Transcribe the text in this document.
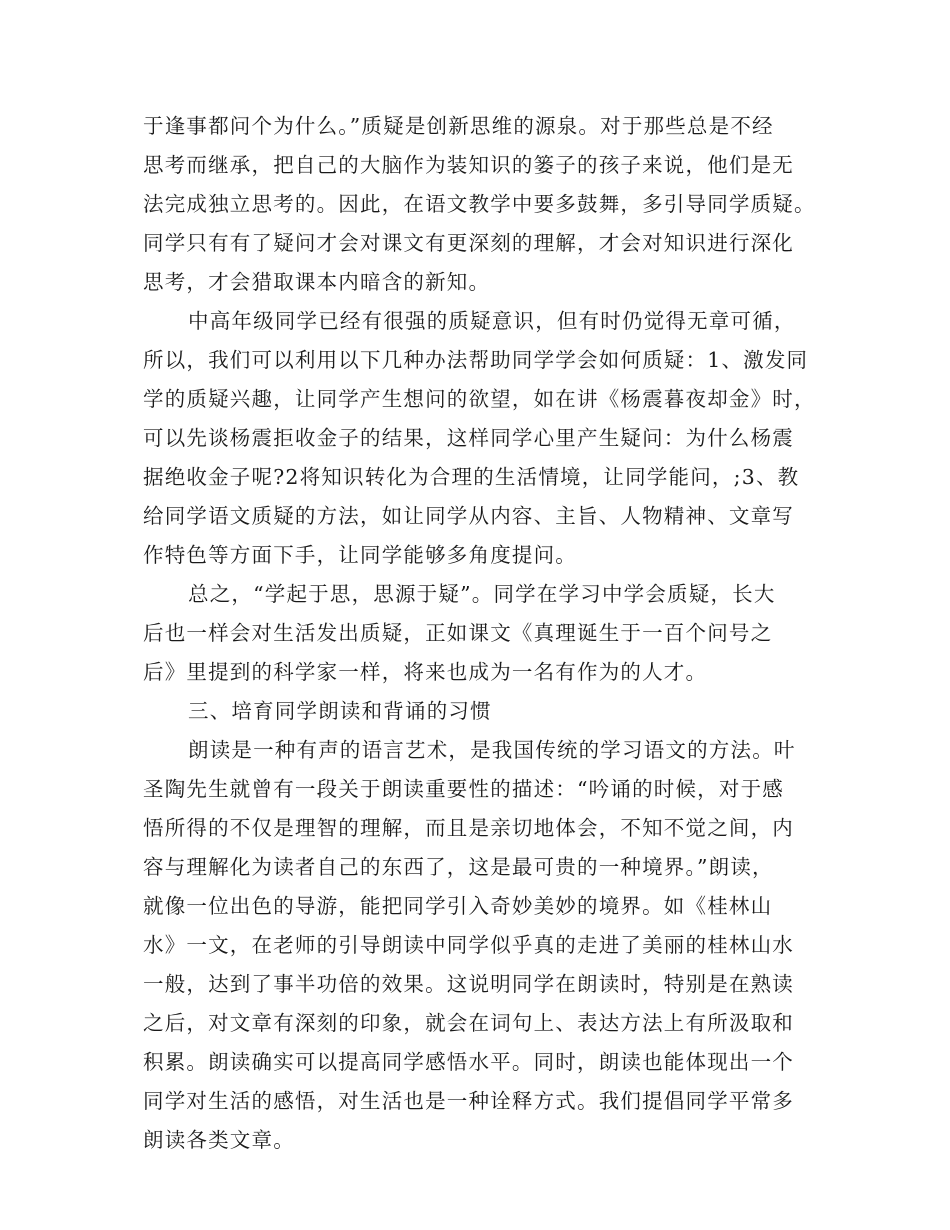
于逢事都问个为什么。”质疑是创新思维的源泉。对于那些总是不经
思考而继承，把自己的大脑作为装知识的篓子的孩子来说，他们是无
法完成独立思考的。因此，在语文教学中要多鼓舞，多引导同学质疑。
同学只有有了疑问才会对课文有更深刻的理解，才会对知识进行深化
思考，才会猎取课本内暗含的新知。
中高年级同学已经有很强的质疑意识，但有时仍觉得无章可循，
所以，我们可以利用以下几种办法帮助同学学会如何质疑：1、激发同
学的质疑兴趣，让同学产生想问的欲望，如在讲《杨震暮夜却金》时，
可以先谈杨震拒收金子的结果，这样同学心里产生疑问：为什么杨震
据绝收金子呢?2将知识转化为合理的生活情境，让同学能问，;3、教
给同学语文质疑的方法，如让同学从内容、主旨、人物精神、文章写
作特色等方面下手，让同学能够多角度提问。
总之，“学起于思，思源于疑”。同学在学习中学会质疑，长大
后也一样会对生活发出质疑，正如课文《真理诞生于一百个问号之
后》里提到的科学家一样，将来也成为一名有作为的人才。
三、培育同学朗读和背诵的习惯
朗读是一种有声的语言艺术，是我国传统的学习语文的方法。叶
圣陶先生就曾有一段关于朗读重要性的描述：“吟诵的时候，对于感
悟所得的不仅是理智的理解，而且是亲切地体会，不知不觉之间，内
容与理解化为读者自己的东西了，这是最可贵的一种境界。”朗读，
就像一位出色的导游，能把同学引入奇妙美妙的境界。如《桂林山
水》一文，在老师的引导朗读中同学似乎真的走进了美丽的桂林山水
一般，达到了事半功倍的效果。这说明同学在朗读时，特别是在熟读
之后，对文章有深刻的印象，就会在词句上、表达方法上有所汲取和
积累。朗读确实可以提高同学感悟水平。同时，朗读也能体现出一个
同学对生活的感悟，对生活也是一种诠释方式。我们提倡同学平常多
朗读各类文章。
